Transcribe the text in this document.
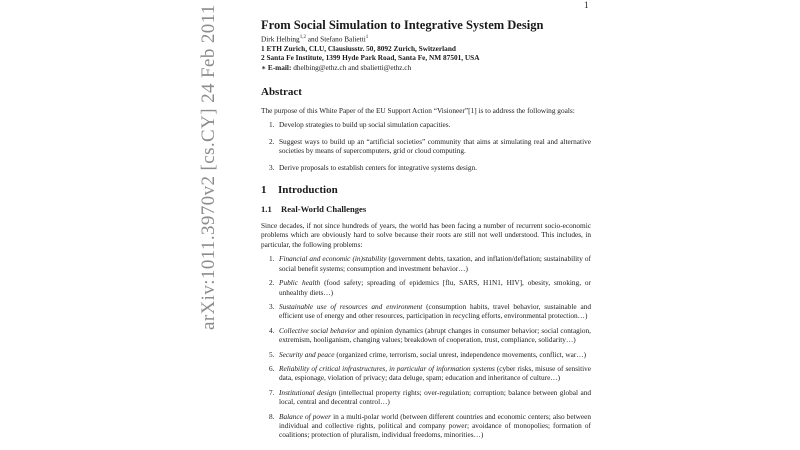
1
arXiv:1011.3970v2 [cs.CY] 24 Feb 2011	From Social Simulation to Integrative System Design

Dirk Helbing$^{1,2}$ and Stefano Balietti$^1$

1 ETH Zurich, CLU, Clausiusstr. 50, 8092 Zurich, Switzerland

2 Santa Fe Institute, 1399 Hyde Park Road, Santa Fe, NM 87501, USA

∗ E-mail: dhelbing@ethz.ch and sbalietti@ethz.ch

Abstract

The purpose of this White Paper of the EU Support Action “Visioneer”[1] is to address the following goals:

1. Develop strategies to build up social simulation capacities.
2. Suggest ways to build up an “artificial societies” community that aims at simulating real and alternative societies by means of supercomputers, grid or cloud computing.
3. Derive proposals to establish centers for integrative systems design.
1 Introduction
1.1 Real-World Challenges

Since decades, if not since hundreds of years, the world has been facing a number of recurrent socio-economic problems which are obviously hard to solve because their roots are still not well understood. This includes, in particular, the following problems:

1. Financial and economic (in)stability (government debts, taxation, and inflation/deflation; sustainability of social benefit systems; consumption and investment behavior…)
2. Public health (food safety; spreading of epidemics [flu, SARS, H1N1, HIV], obesity, smoking, or unhealthy diets…)
3. Sustainable use of resources and environment (consumption habits, travel behavior, sustainable and efficient use of energy and other resources, participation in recycling efforts, environmental protection…)
4. Collective social behavior and opinion dynamics (abrupt changes in consumer behavior; social contagion, extremism, hooliganism, changing values; breakdown of cooperation, trust, compliance, solidarity…)
5. Security and peace (organized crime, terrorism, social unrest, independence movements, conflict, war…)
6. Reliability of critical infrastructures, in particular of information systems (cyber risks, misuse of sensitive data, espionage, violation of privacy; data deluge, spam; education and inheritance of culture…)
7. Institutional design (intellectual property rights; over-regulation; corruption; balance between global and local, central and decentral control…)
8. Balance of power in a multi-polar world (between different countries and economic centers; also between individual and collective rights, political and company power; avoidance of monopolies; formation of coalitions; protection of pluralism, individual freedoms, minorities…)
